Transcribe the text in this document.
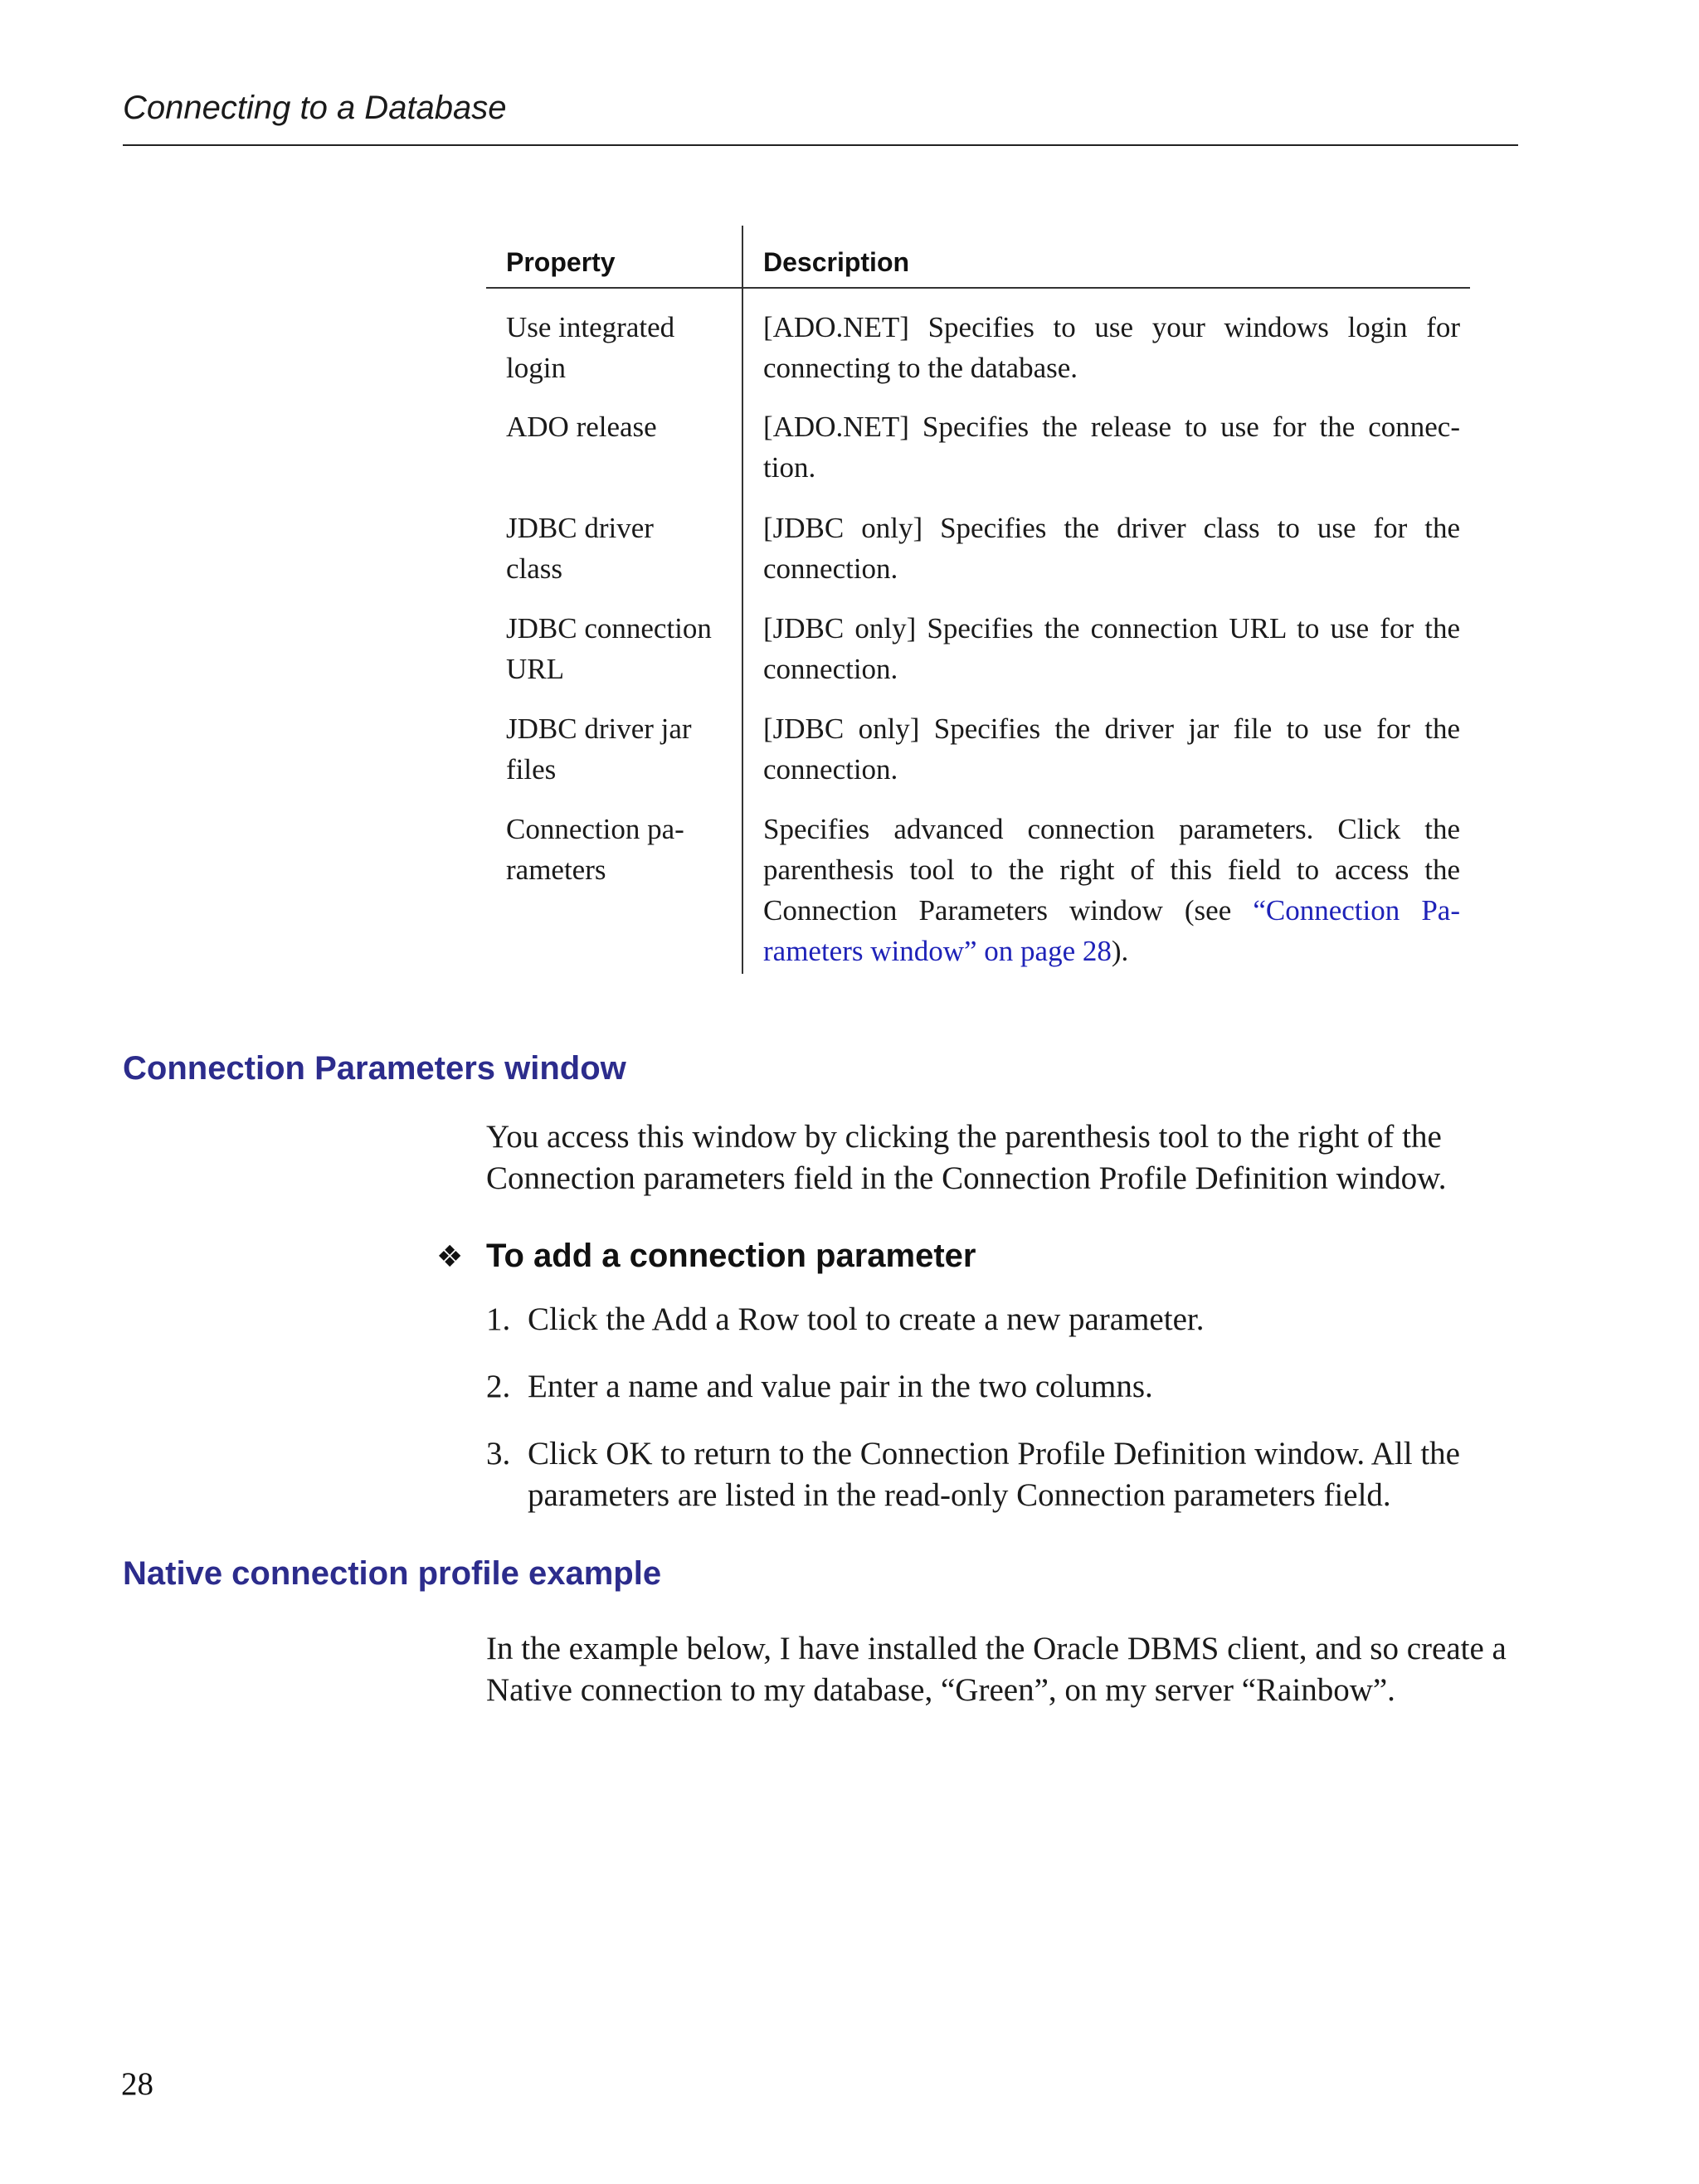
Connecting to a Database
Property	Description
Use integrated
login
[ADO.NET] Specifies to use your windows login for connecting to the database.
ADO release	[ADO.NET] Specifies the release to use for the connec- tion.
JDBC driver
class
[JDBC only] Specifies the driver class to use for the connection.
JDBC connection
URL
[JDBC only] Specifies the connection URL to use for the connection.
JDBC driver jar
files
[JDBC only] Specifies the driver jar file to use for the connection.
Connection pa-
rameters
Specifies advanced connection parameters. Click the parenthesis tool to the right of this field to access the Connection Parameters window (see “Connection Pa- rameters window” on page 28).
Connection Parameters window
You access this window by clicking the parenthesis tool to the right of the Connection parameters field in the Connection Profile Definition window.
❖ To add a connection parameter
1. Click the Add a Row tool to create a new parameter.
2. Enter a name and value pair in the two columns.
3. Click OK to return to the Connection Profile Definition window. All the parameters are listed in the read-only Connection parameters field.
Native connection profile example
In the example below, I have installed the Oracle DBMS client, and so create a Native connection to my database, “Green”, on my server “Rainbow”.
28
